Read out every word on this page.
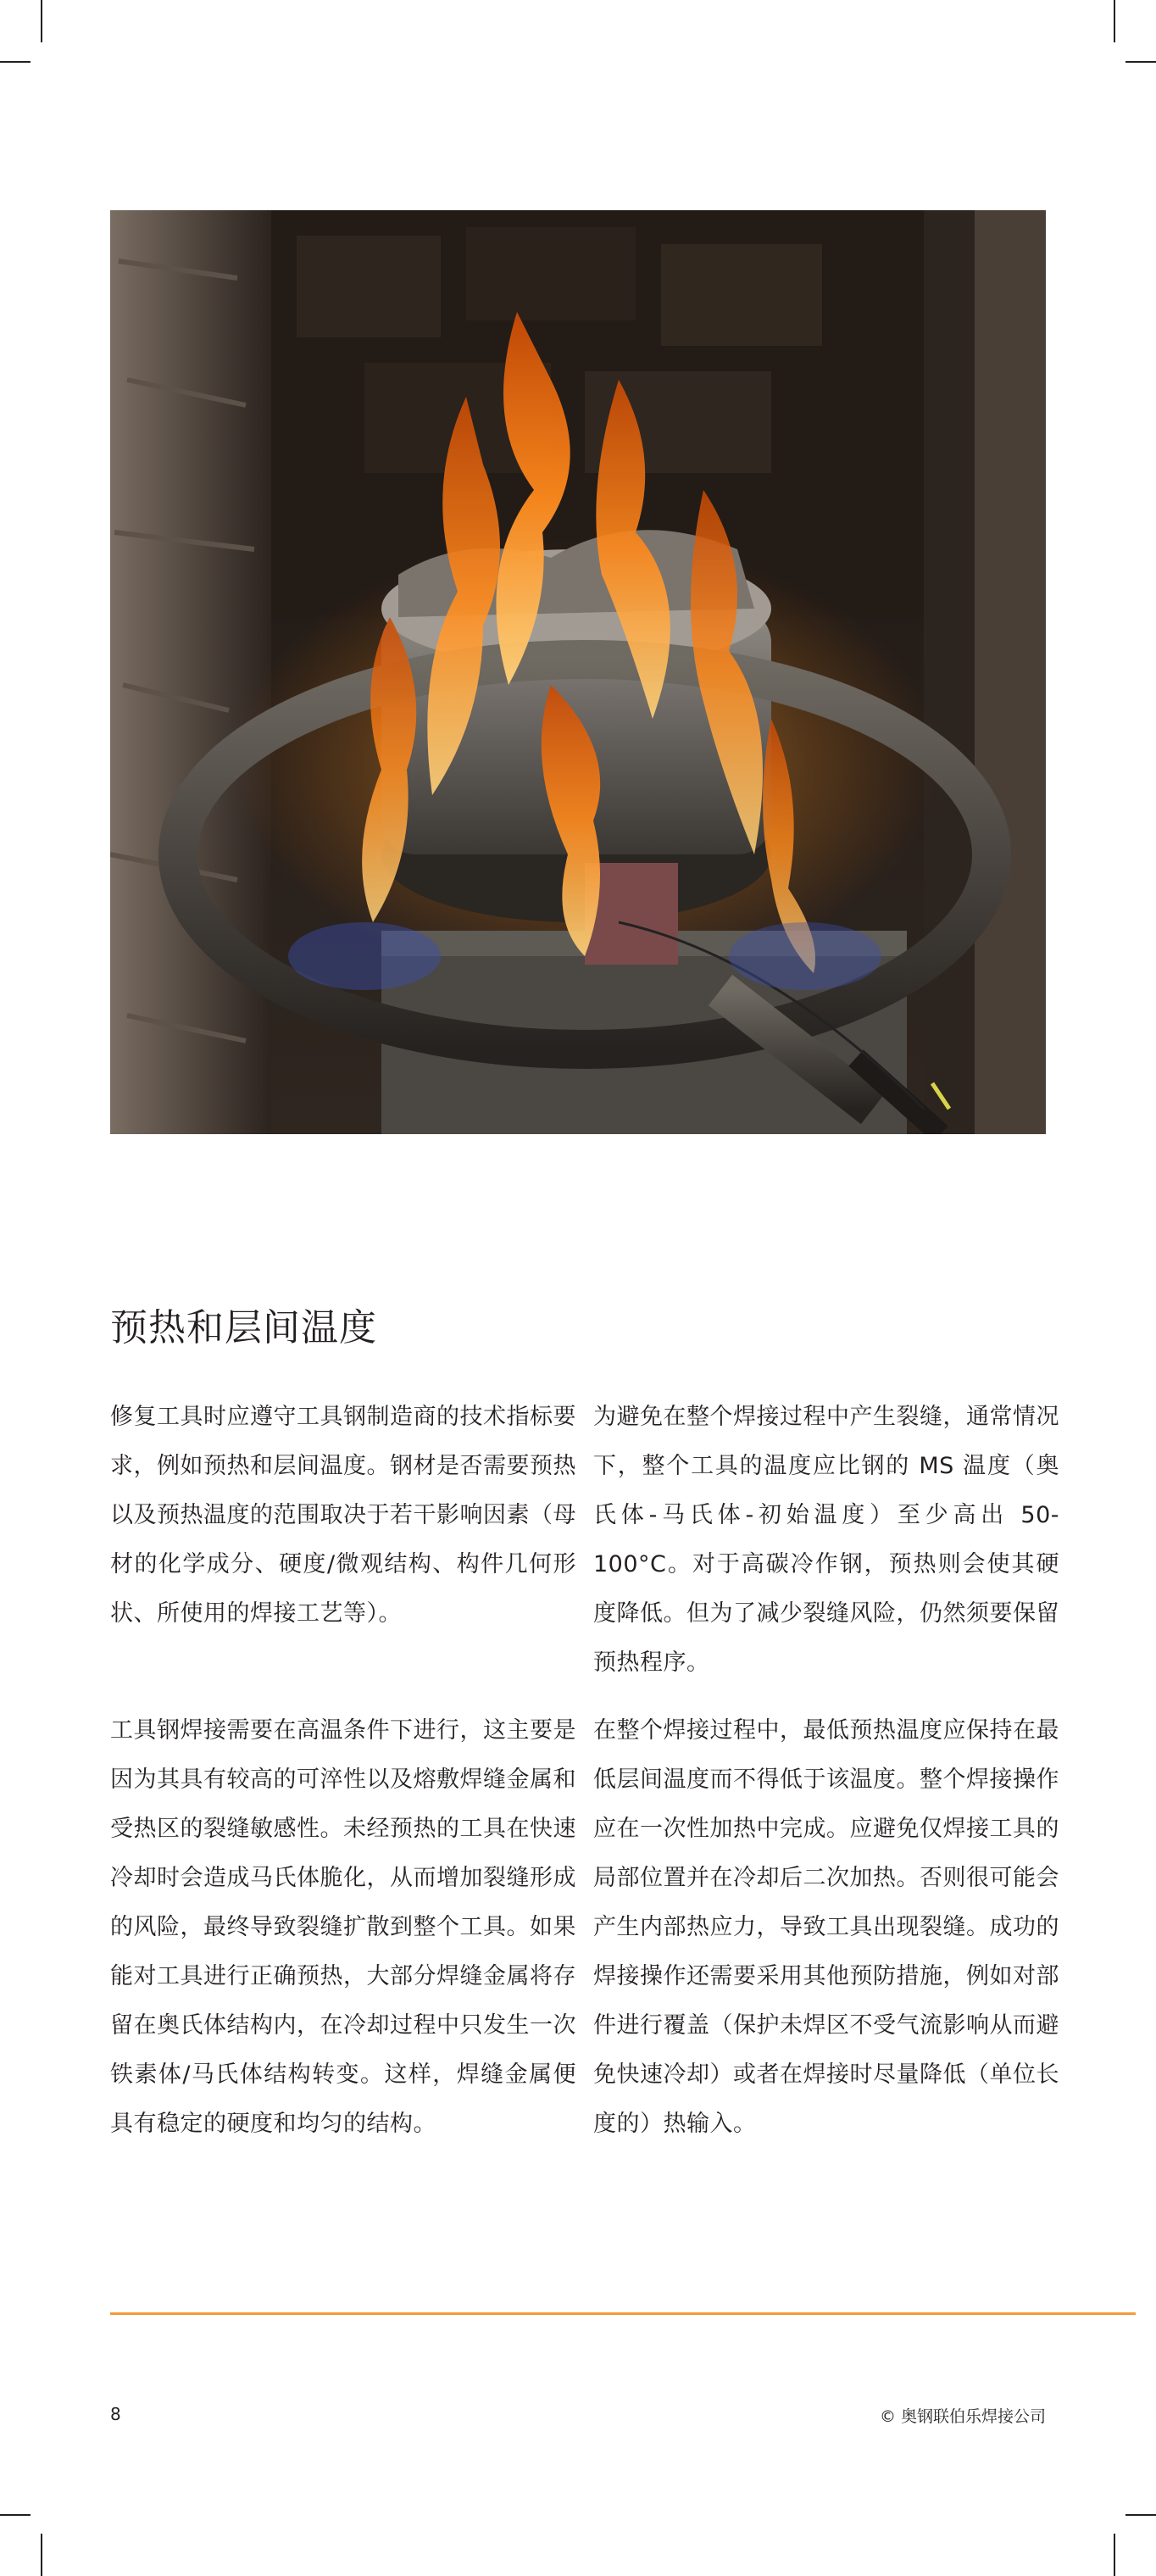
预热和层间温度

修复工具时应遵守工具钢制造商的技术指标要求，例如预热和层间温度。钢材是否需要预热以及预热温度的范围取决于若干影响因素（母材的化学成分、硬度/微观结构、构件几何形状、所使用的焊接工艺等）。

工具钢焊接需要在高温条件下进行，这主要是因为其具有较高的可淬性以及熔敷焊缝金属和受热区的裂缝敏感性。未经预热的工具在快速冷却时会造成马氏体脆化，从而增加裂缝形成的风险，最终导致裂缝扩散到整个工具。如果能对工具进行正确预热，大部分焊缝金属将存留在奥氏体结构内，在冷却过程中只发生一次铁素体/马氏体结构转变。这样，焊缝金属便具有稳定的硬度和均匀的结构。

为避免在整个焊接过程中产生裂缝，通常情况下，整个工具的温度应比钢的 MS 温度（奥氏体-马氏体-初始温度）至少高出 50-100°C。对于高碳冷作钢，预热则会使其硬度降低。但为了减少裂缝风险，仍然须要保留预热程序。

在整个焊接过程中，最低预热温度应保持在最低层间温度而不得低于该温度。整个焊接操作应在一次性加热中完成。应避免仅焊接工具的局部位置并在冷却后二次加热。否则很可能会产生内部热应力，导致工具出现裂缝。成功的焊接操作还需要采用其他预防措施，例如对部件进行覆盖（保护未焊区不受气流影响从而避免快速冷却）或者在焊接时尽量降低（单位长度的）热输入。

8	© 奥钢联伯乐焊接公司
